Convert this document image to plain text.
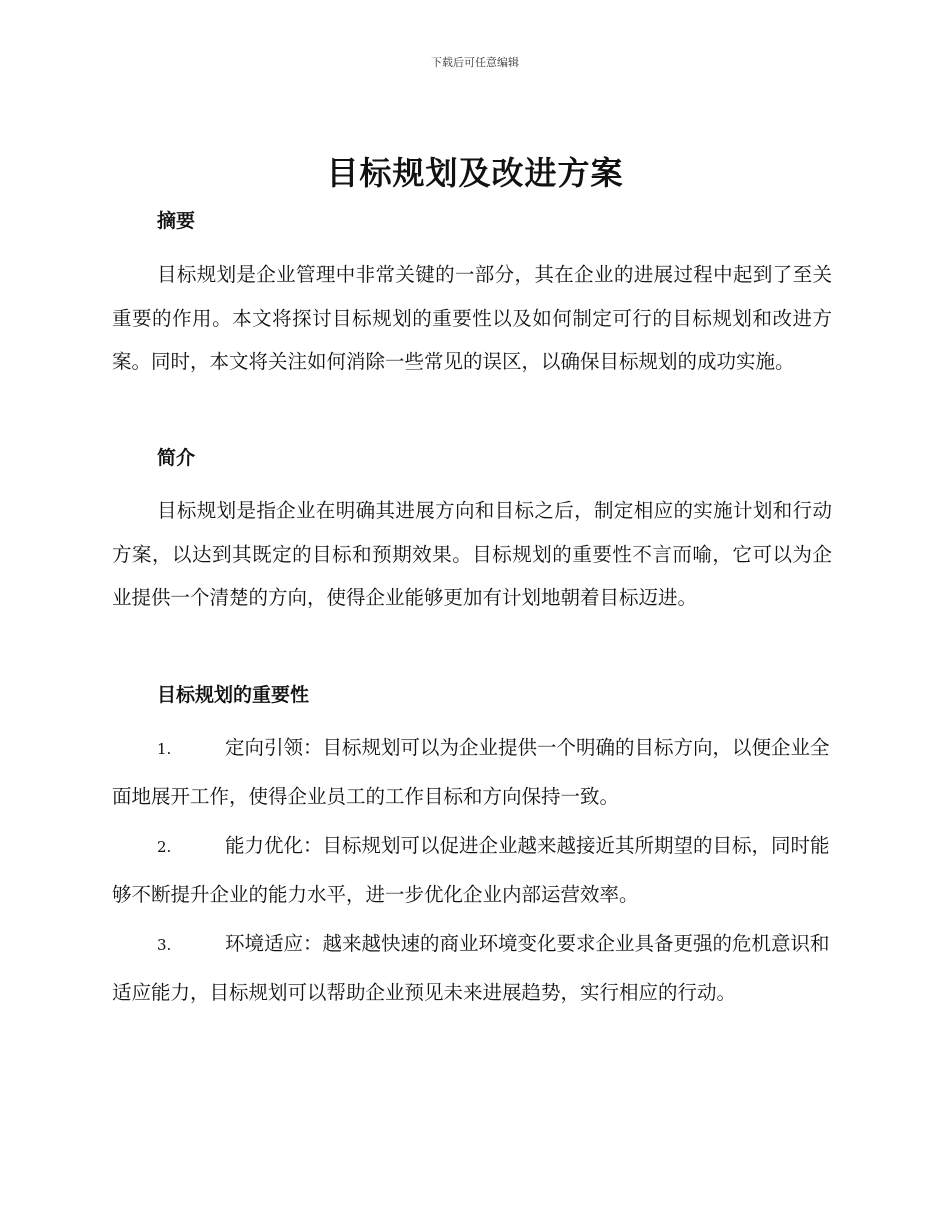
下载后可任意编辑
目标规划及改进方案
摘要

目标规划是企业管理中非常关键的一部分，其在企业的进展过程中起到了至关重要的作用。本文将探讨目标规划的重要性以及如何制定可行的目标规划和改进方案。同时，本文将关注如何消除一些常见的误区，以确保目标规划的成功实施。

简介

目标规划是指企业在明确其进展方向和目标之后，制定相应的实施计划和行动方案，以达到其既定的目标和预期效果。目标规划的重要性不言而喻，它可以为企业提供一个清楚的方向，使得企业能够更加有计划地朝着目标迈进。

目标规划的重要性

1.	定向引领：目标规划可以为企业提供一个明确的目标方向，以便企业全面地展开工作，使得企业员工的工作目标和方向保持一致。

2.	能力优化：目标规划可以促进企业越来越接近其所期望的目标，同时能够不断提升企业的能力水平，进一步优化企业内部运营效率。

3.	环境适应：越来越快速的商业环境变化要求企业具备更强的危机意识和适应能力，目标规划可以帮助企业预见未来进展趋势，实行相应的行动。
